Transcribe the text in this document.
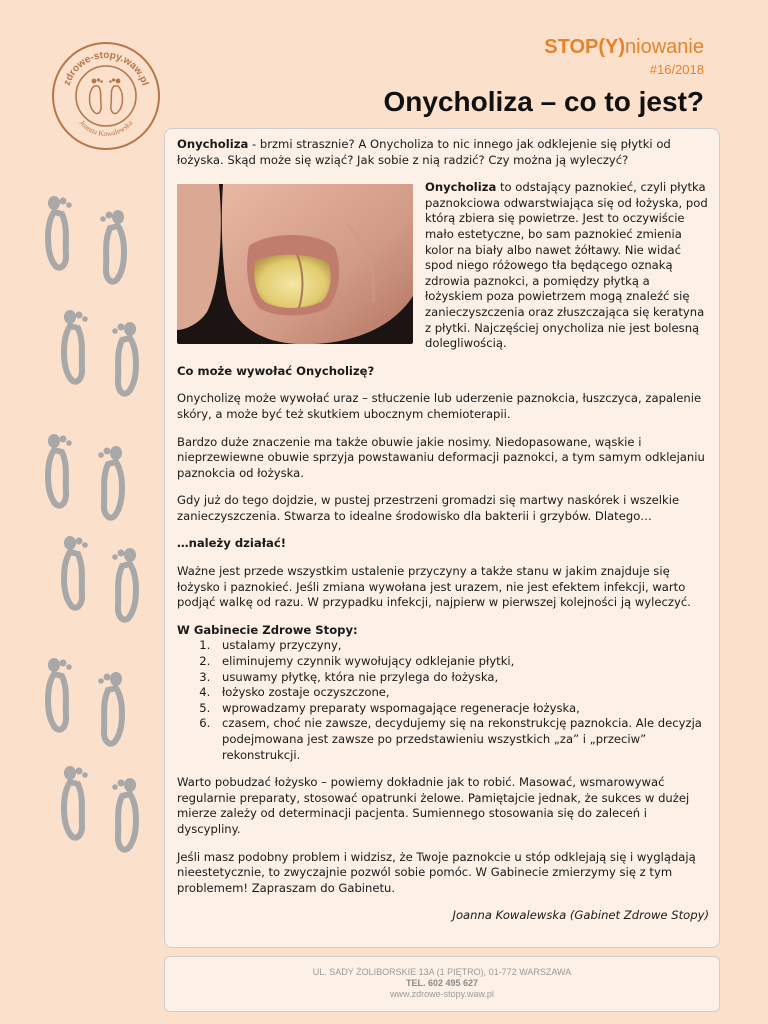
zdrowe-stopy.waw.pl
Joanna Kowalewska
STOP(Y)niowanie
#16/2018
Onycholiza – co to jest?

Onycholiza - brzmi strasznie? A Onycholiza to nic innego jak odklejenie się płytki od łożyska. Skąd może się wziąć? Jak sobie z nią radzić? Czy można ją wyleczyć?

Onycholiza to odstający paznokieć, czyli płytka paznokciowa odwarstwiająca się od łożyska, pod którą zbiera się powietrze. Jest to oczywiście mało estetyczne, bo sam paznokieć zmienia kolor na biały albo nawet żółtawy. Nie widać spod niego różowego tła będącego oznaką zdrowia paznokci, a pomiędzy płytką a łożyskiem poza powietrzem mogą znaleźć się zanieczyszczenia oraz złuszczająca się keratyna z płytki. Najczęściej onycholiza nie jest bolesną dolegliwością.

Co może wywołać Onycholizę?

Onycholizę może wywołać uraz – stłuczenie lub uderzenie paznokcia, łuszczyca, zapalenie skóry, a może być też skutkiem ubocznym chemioterapii.

Bardzo duże znaczenie ma także obuwie jakie nosimy. Niedopasowane, wąskie i nieprzewiewne obuwie sprzyja powstawaniu deformacji paznokci, a tym samym odklejaniu paznokcia od łożyska.

Gdy już do tego dojdzie, w pustej przestrzeni gromadzi się martwy naskórek i wszelkie zanieczyszczenia. Stwarza to idealne środowisko dla bakterii i grzybów. Dlatego…

…należy działać!

Ważne jest przede wszystkim ustalenie przyczyny a także stanu w jakim znajduje się łożysko i paznokieć. Jeśli zmiana wywołana jest urazem, nie jest efektem infekcji, warto podjąć walkę od razu. W przypadku infekcji, najpierw w pierwszej kolejności ją wyleczyć.

W Gabinecie Zdrowe Stopy:
1. ustalamy przyczyny,
2. eliminujemy czynnik wywołujący odklejanie płytki,
3. usuwamy płytkę, która nie przylega do łożyska,
4. łożysko zostaje oczyszczone,
5. wprowadzamy preparaty wspomagające regeneracje łożyska,
6. czasem, choć nie zawsze, decydujemy się na rekonstrukcję paznokcia. Ale decyzja podejmowana jest zawsze po przedstawieniu wszystkich „za” i „przeciw” rekonstrukcji.

Warto pobudzać łożysko – powiemy dokładnie jak to robić. Masować, wsmarowywać regularnie preparaty, stosować opatrunki żelowe. Pamiętajcie jednak, że sukces w dużej mierze zależy od determinacji pacjenta. Sumiennego stosowania się do zaleceń i dyscypliny.

Jeśli masz podobny problem i widzisz, że Twoje paznokcie u stóp odklejają się i wyglądają nieestetycznie, to zwyczajnie pozwól sobie pomóc. W Gabinecie zmierzymy się z tym problemem! Zapraszam do Gabinetu.

Joanna Kowalewska (Gabinet Zdrowe Stopy)

UL. SADY ŻOLIBORSKIE 13A (1 PIĘTRO), 01-772 WARSZAWA
TEL. 602 495 627
www.zdrowe-stopy.waw.pl
